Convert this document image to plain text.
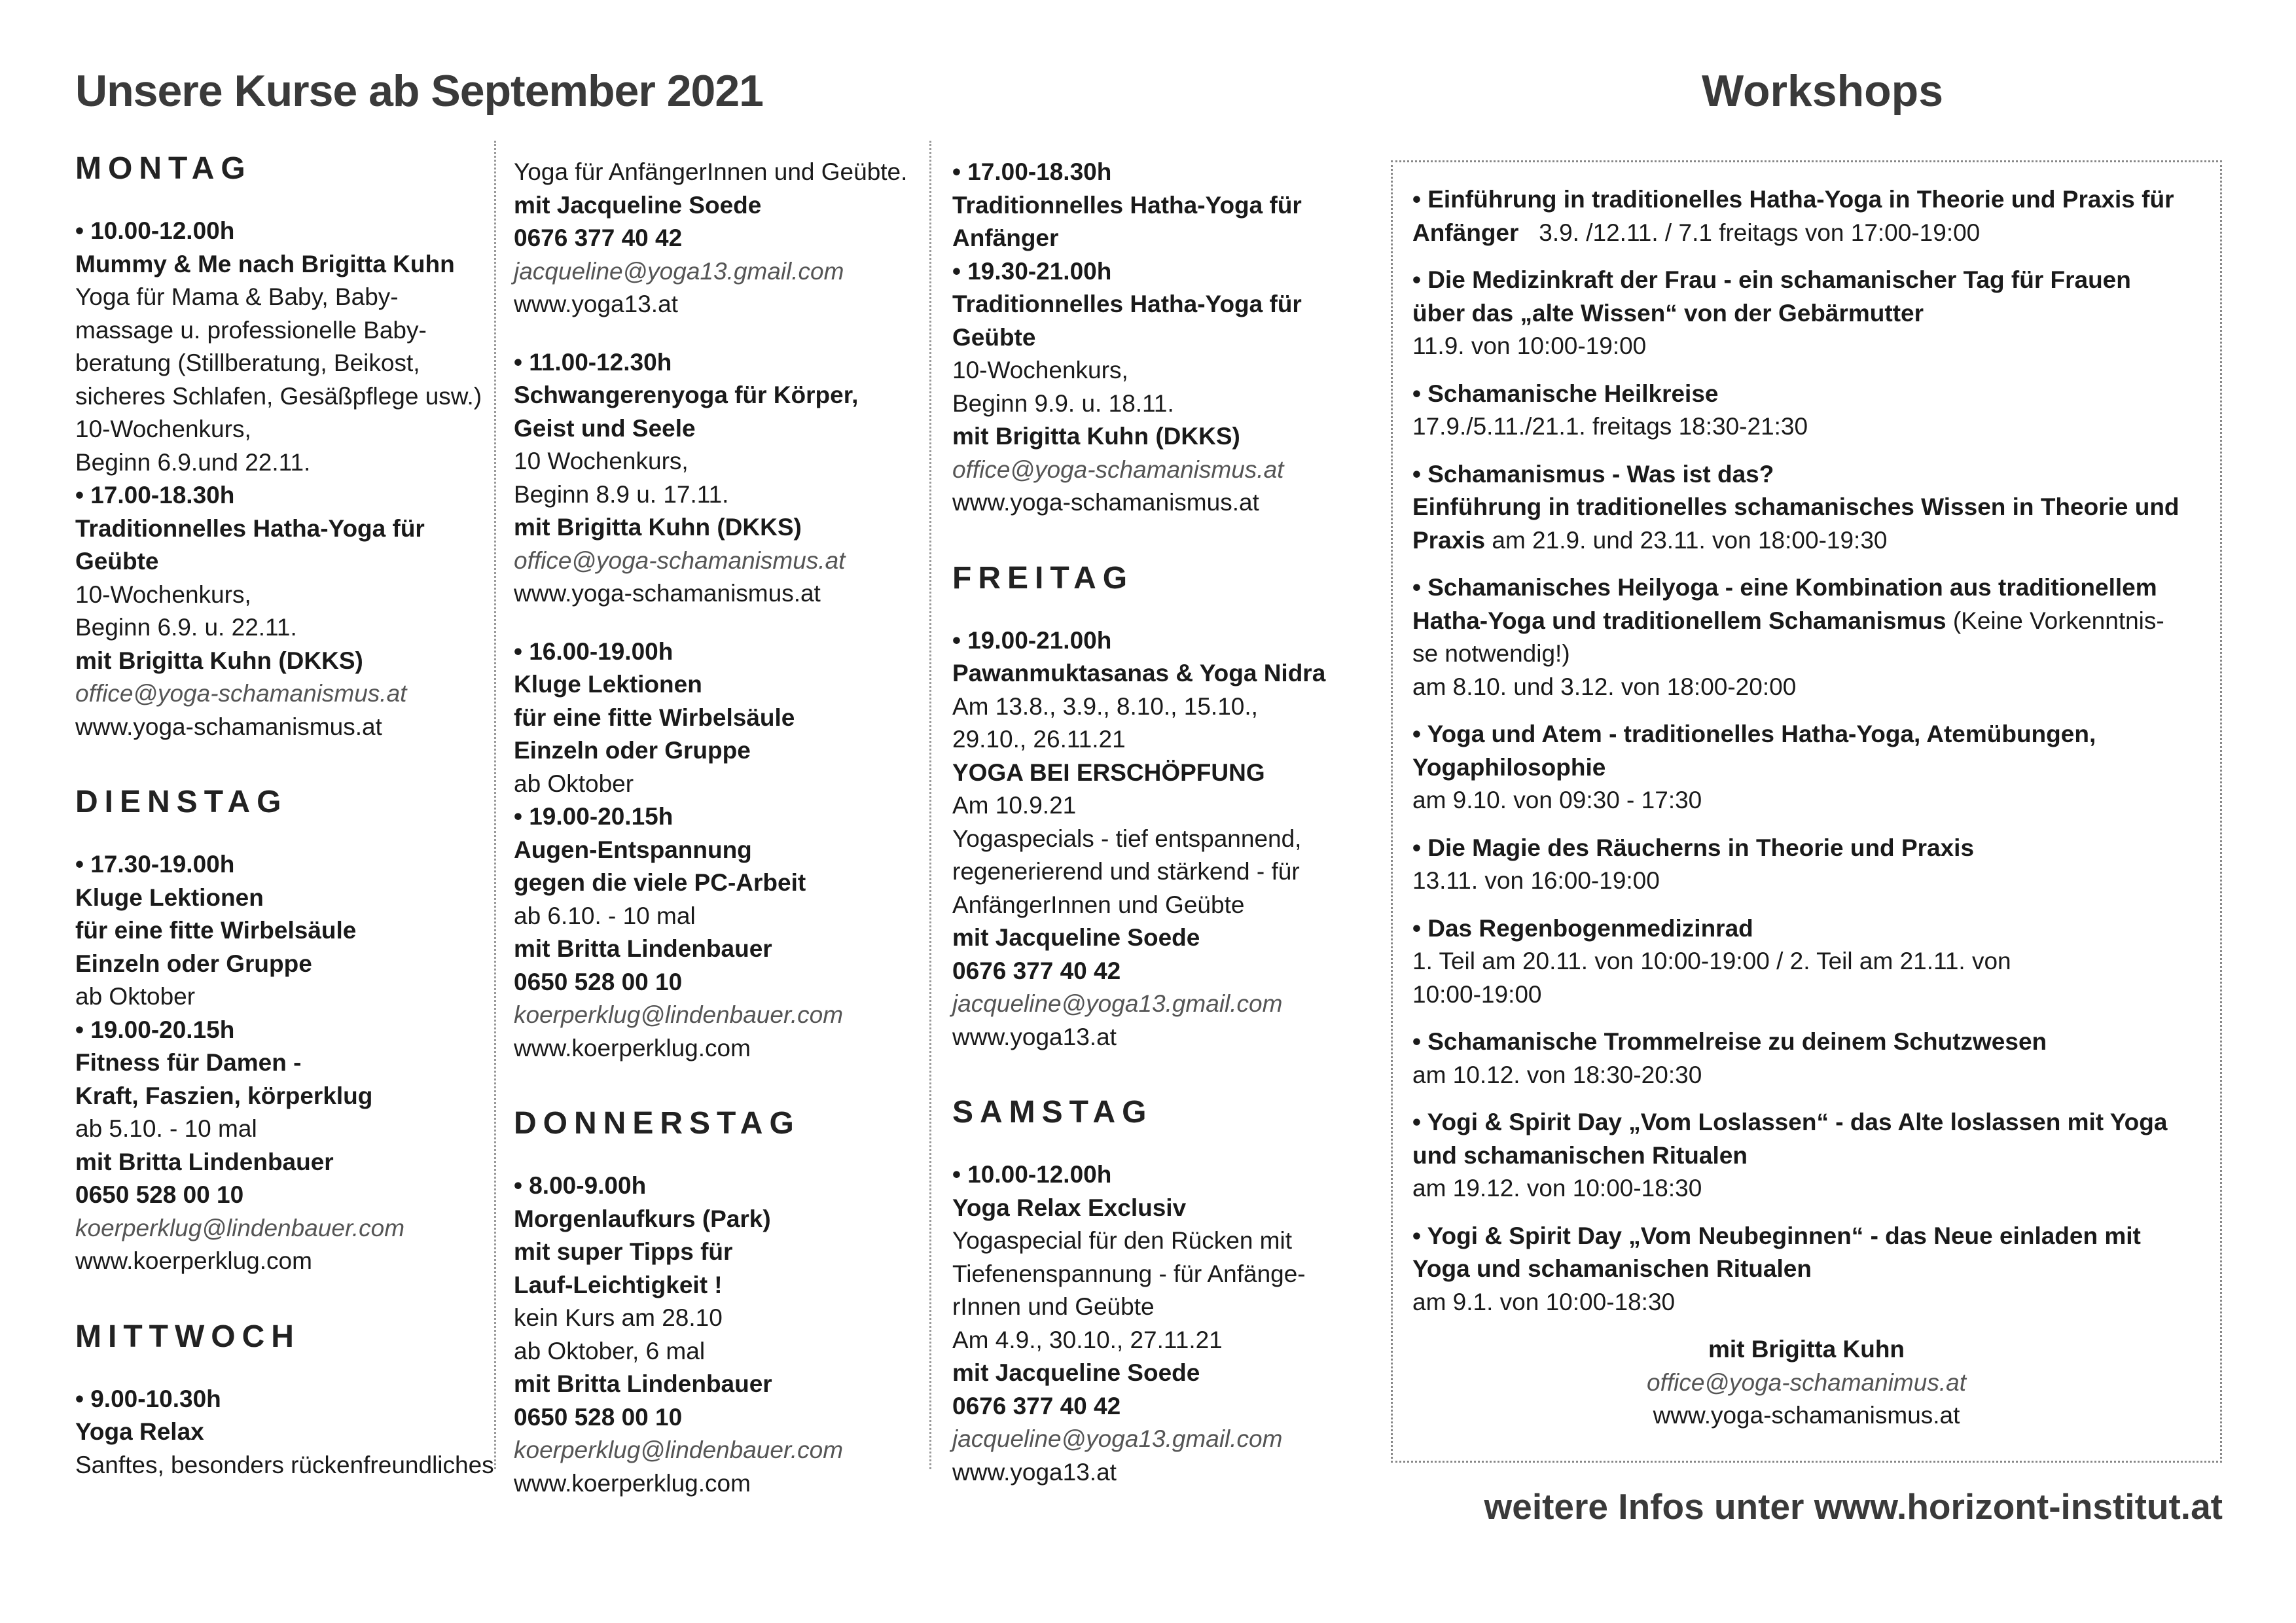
Unsere Kurse ab September 2021	Workshops
MONTAG
• 10.00-12.00h
Mummy & Me nach Brigitta Kuhn
Yoga für Mama & Baby, Baby-
massage u. professionelle Baby-
beratung (Stillberatung, Beikost,
sicheres Schlafen, Gesäßpflege usw.)
10-Wochenkurs,
Beginn 6.9.und 22.11.
• 17.00-18.30h
Traditionnelles Hatha-Yoga für
Geübte
10-Wochenkurs,
Beginn 6.9. u. 22.11.
mit Brigitta Kuhn (DKKS)
office@yoga-schamanismus.at
www.yoga-schamanismus.at
DIENSTAG
• 17.30-19.00h
Kluge Lektionen
für eine fitte Wirbelsäule
Einzeln oder Gruppe
ab Oktober
• 19.00-20.15h
Fitness für Damen -
Kraft, Faszien, körperklug
ab 5.10. - 10 mal
mit Britta Lindenbauer
0650 528 00 10
koerperklug@lindenbauer.com
www.koerperklug.com
MITTWOCH
• 9.00-10.30h
Yoga Relax
Sanftes, besonders rückenfreundliches
Yoga für AnfängerInnen und Geübte.
mit Jacqueline Soede
0676 377 40 42
jacqueline@yoga13.gmail.com
www.yoga13.at
• 11.00-12.30h
Schwangerenyoga für Körper,
Geist und Seele
10 Wochenkurs,
Beginn 8.9 u. 17.11.
mit Brigitta Kuhn (DKKS)
office@yoga-schamanismus.at
www.yoga-schamanismus.at
• 16.00-19.00h
Kluge Lektionen
für eine fitte Wirbelsäule
Einzeln oder Gruppe
ab Oktober
• 19.00-20.15h
Augen-Entspannung
gegen die viele PC-Arbeit
ab 6.10. - 10 mal
mit Britta Lindenbauer
0650 528 00 10
koerperklug@lindenbauer.com
www.koerperklug.com
DONNERSTAG
• 8.00-9.00h
Morgenlaufkurs (Park)
mit super Tipps für
Lauf-Leichtigkeit !
kein Kurs am 28.10
ab Oktober, 6 mal
mit Britta Lindenbauer
0650 528 00 10
koerperklug@lindenbauer.com
www.koerperklug.com
• 17.00-18.30h
Traditionnelles Hatha-Yoga für
Anfänger
• 19.30-21.00h
Traditionnelles Hatha-Yoga für
Geübte
10-Wochenkurs,
Beginn 9.9. u. 18.11.
mit Brigitta Kuhn (DKKS)
office@yoga-schamanismus.at
www.yoga-schamanismus.at
FREITAG
• 19.00-21.00h
Pawanmuktasanas & Yoga Nidra
Am 13.8., 3.9., 8.10., 15.10.,
29.10., 26.11.21
YOGA BEI ERSCHÖPFUNG
Am 10.9.21
Yogaspecials - tief entspannend,
regenerierend und stärkend - für
AnfängerInnen und Geübte
mit Jacqueline Soede
0676 377 40 42
jacqueline@yoga13.gmail.com
www.yoga13.at
SAMSTAG
• 10.00-12.00h
Yoga Relax Exclusiv
Yogaspecial für den Rücken mit
Tiefenenspannung - für Anfänge-
rInnen und Geübte
Am 4.9., 30.10., 27.11.21
mit Jacqueline Soede
0676 377 40 42
jacqueline@yoga13.gmail.com
www.yoga13.at
• Einführung in traditionelles Hatha-Yoga in Theorie und Praxis für
Anfänger 3.9. /12.11. / 7.1 freitags von 17:00-19:00
• Die Medizinkraft der Frau - ein schamanischer Tag für Frauen
über das „alte Wissen“ von der Gebärmutter
11.9. von 10:00-19:00
• Schamanische Heilkreise
17.9./5.11./21.1. freitags 18:30-21:30
• Schamanismus - Was ist das?
Einführung in traditionelles schamanisches Wissen in Theorie und
Praxis am 21.9. und 23.11. von 18:00-19:30
• Schamanisches Heilyoga - eine Kombination aus traditionellem
Hatha-Yoga und traditionellem Schamanismus (Keine Vorkenntnis-
se notwendig!)
am 8.10. und 3.12. von 18:00-20:00
• Yoga und Atem - traditionelles Hatha-Yoga, Atemübungen,
Yogaphilosophie
am 9.10. von 09:30 - 17:30
• Die Magie des Räucherns in Theorie und Praxis
13.11. von 16:00-19:00
• Das Regenbogenmedizinrad
1. Teil am 20.11. von 10:00-19:00 / 2. Teil am 21.11. von
10:00-19:00
• Schamanische Trommelreise zu deinem Schutzwesen
am 10.12. von 18:30-20:30
• Yogi & Spirit Day „Vom Loslassen“ - das Alte loslassen mit Yoga
und schamanischen Ritualen
am 19.12. von 10:00-18:30
• Yogi & Spirit Day „Vom Neubeginnen“ - das Neue einladen mit
Yoga und schamanischen Ritualen
am 9.1. von 10:00-18:30
mit Brigitta Kuhn
office@yoga-schamanimus.at
www.yoga-schamanismus.at
weitere Infos unter www.horizont-institut.at
